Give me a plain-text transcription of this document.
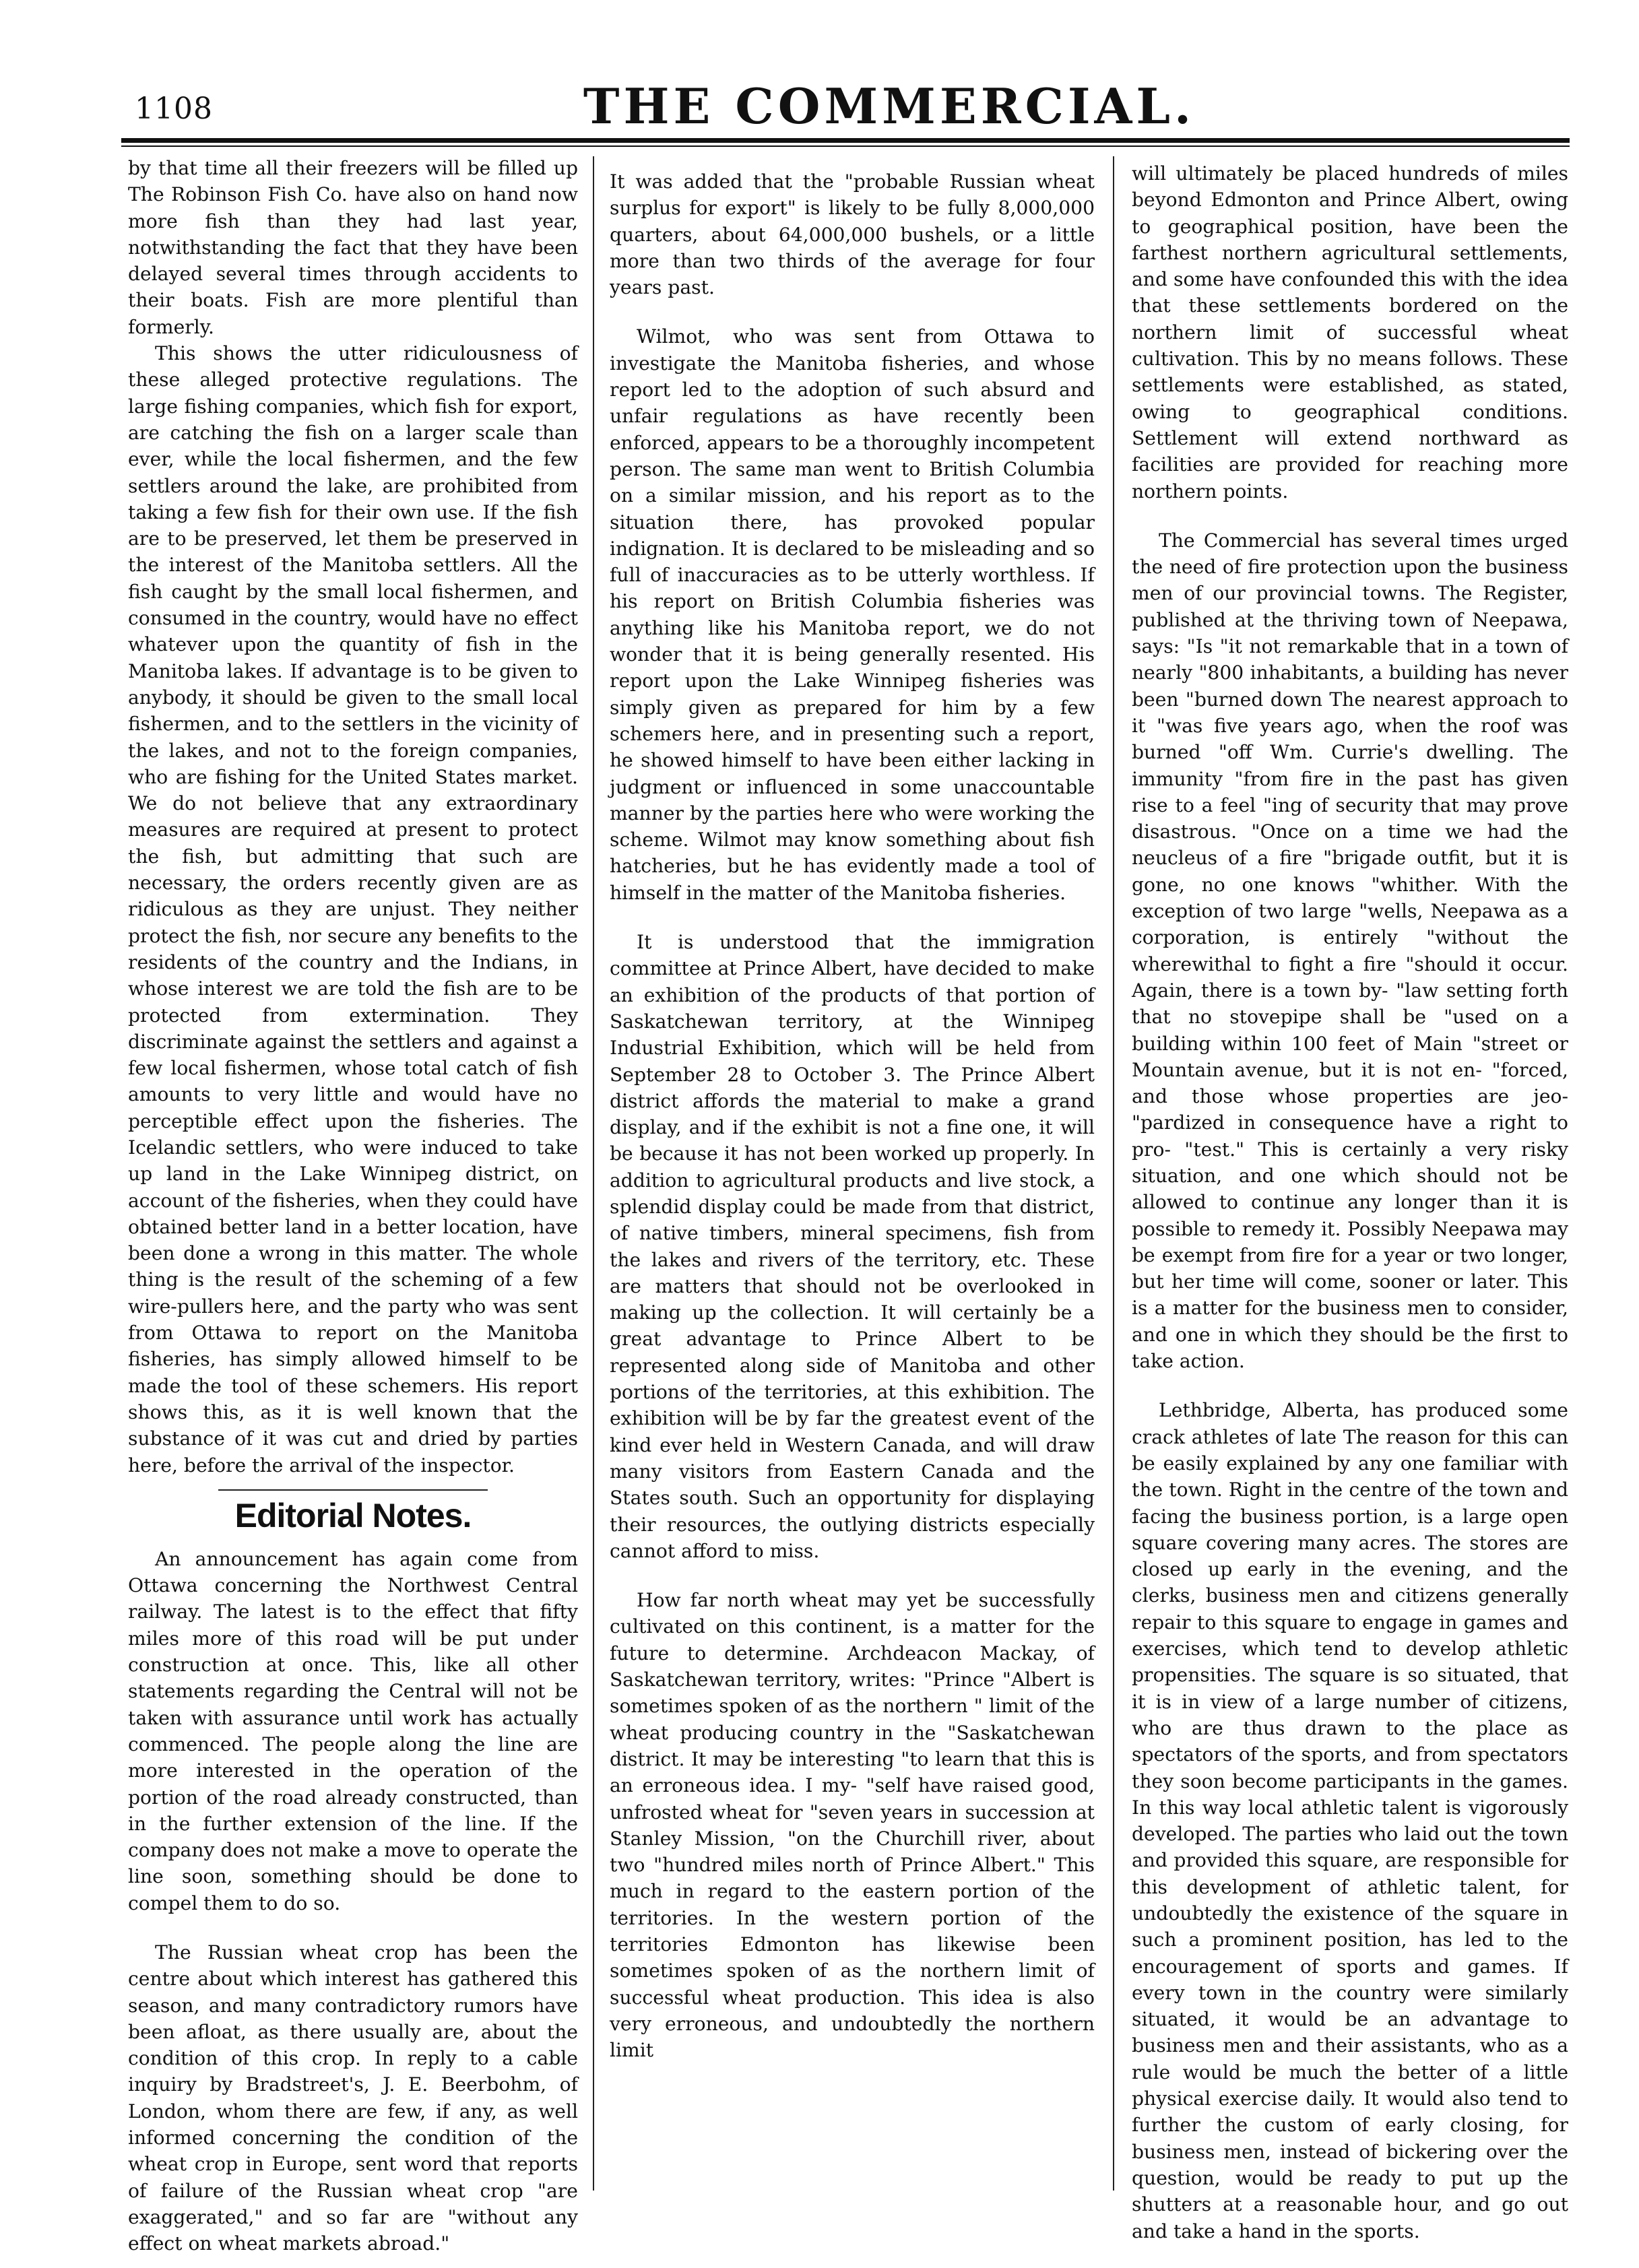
1108	THE COMMERCIAL.

by that time all their freezers will be filled up The Robinson Fish Co. have also on hand now more fish than they had last year, notwithstanding the fact that they have been delayed several times through accidents to their boats. Fish are more plentiful than formerly.

This shows the utter ridiculousness of these alleged protective regulations. The large fishing companies, which fish for export, are catching the fish on a larger scale than ever, while the local fishermen, and the few settlers around the lake, are prohibited from taking a few fish for their own use. If the fish are to be preserved, let them be preserved in the interest of the Manitoba settlers. All the fish caught by the small local fishermen, and consumed in the country, would have no effect whatever upon the quantity of fish in the Manitoba lakes. If advantage is to be given to anybody, it should be given to the small local fishermen, and to the settlers in the vicinity of the lakes, and not to the foreign companies, who are fishing for the United States market. We do not believe that any extraordinary measures are required at present to protect the fish, but admitting that such are necessary, the orders recently given are as ridiculous as they are unjust. They neither protect the fish, nor secure any benefits to the residents of the country and the Indians, in whose interest we are told the fish are to be protected from extermination. They discriminate against the settlers and against a few local fishermen, whose total catch of fish amounts to very little and would have no perceptible effect upon the fisheries. The Icelandic settlers, who were induced to take up land in the Lake Winnipeg district, on account of the fisheries, when they could have obtained better land in a better location, have been done a wrong in this matter. The whole thing is the result of the scheming of a few wire-pullers here, and the party who was sent from Ottawa to report on the Manitoba fisheries, has simply allowed himself to be made the tool of these schemers. His report shows this, as it is well known that the substance of it was cut and dried by parties here, before the arrival of the inspector.

Editorial Notes.

An announcement has again come from Ottawa concerning the Northwest Central railway. The latest is to the effect that fifty miles more of this road will be put under construction at once. This, like all other statements regarding the Central will not be taken with assurance until work has actually commenced. The people along the line are more interested in the operation of the portion of the road already constructed, than in the further extension of the line. If the company does not make a move to operate the line soon, something should be done to compel them to do so.

The Russian wheat crop has been the centre about which interest has gathered this season, and many contradictory rumors have been afloat, as there usually are, about the condition of this crop. In reply to a cable inquiry by Bradstreet's, J. E. Beerbohm, of London, whom there are few, if any, as well informed concerning the condition of the wheat crop in Europe, sent word that reports of failure of the Russian wheat crop "are exaggerated," and so far are "without any effect on wheat markets abroad."

It was added that the "probable Russian wheat surplus for export" is likely to be fully 8,000,000 quarters, about 64,000,000 bushels, or a little more than two thirds of the average for four years past.

Wilmot, who was sent from Ottawa to investigate the Manitoba fisheries, and whose report led to the adoption of such absurd and unfair regulations as have recently been enforced, appears to be a thoroughly incompetent person. The same man went to British Columbia on a similar mission, and his report as to the situation there, has provoked popular indignation. It is declared to be misleading and so full of inaccuracies as to be utterly worthless. If his report on British Columbia fisheries was anything like his Manitoba report, we do not wonder that it is being generally resented. His report upon the Lake Winnipeg fisheries was simply given as prepared for him by a few schemers here, and in presenting such a report, he showed himself to have been either lacking in judgment or influenced in some unaccountable manner by the parties here who were working the scheme. Wilmot may know something about fish hatcheries, but he has evidently made a tool of himself in the matter of the Manitoba fisheries.

It is understood that the immigration committee at Prince Albert, have decided to make an exhibition of the products of that portion of Saskatchewan territory, at the Winnipeg Industrial Exhibition, which will be held from September 28 to October 3. The Prince Albert district affords the material to make a grand display, and if the exhibit is not a fine one, it will be because it has not been worked up properly. In addition to agricultural products and live stock, a splendid display could be made from that district, of native timbers, mineral specimens, fish from the lakes and rivers of the territory, etc. These are matters that should not be overlooked in making up the collection. It will certainly be a great advantage to Prince Albert to be represented along side of Manitoba and other portions of the territories, at this exhibition. The exhibition will be by far the greatest event of the kind ever held in Western Canada, and will draw many visitors from Eastern Canada and the States south. Such an opportunity for displaying their resources, the outlying districts especially cannot afford to miss.

How far north wheat may yet be successfully cultivated on this continent, is a matter for the future to determine. Archdeacon Mackay, of Saskatchewan territory, writes: "Prince "Albert is sometimes spoken of as the northern " limit of the wheat producing country in the "Saskatchewan district. It may be interesting "to learn that this is an erroneous idea. I my- "self have raised good, unfrosted wheat for "seven years in succession at Stanley Mission, "on the Churchill river, about two "hundred miles north of Prince Albert." This much in regard to the eastern portion of the territories. In the western portion of the territories Edmonton has likewise been sometimes spoken of as the northern limit of successful wheat production. This idea is also very erroneous, and undoubtedly the northern limit

will ultimately be placed hundreds of miles beyond Edmonton and Prince Albert, owing to geographical position, have been the farthest northern agricultural settlements, and some have confounded this with the idea that these settlements bordered on the northern limit of successful wheat cultivation. This by no means follows. These settlements were established, as stated, owing to geographical conditions. Settlement will extend northward as facilities are provided for reaching more northern points.

The Commercial has several times urged the need of fire protection upon the business men of our provincial towns. The Register, published at the thriving town of Neepawa, says: "Is "it not remarkable that in a town of nearly "800 inhabitants, a building has never been "burned down The nearest approach to it "was five years ago, when the roof was burned "off Wm. Currie's dwelling. The immunity "from fire in the past has given rise to a feel "ing of security that may prove disastrous. "Once on a time we had the neucleus of a fire "brigade outfit, but it is gone, no one knows "whither. With the exception of two large "wells, Neepawa as a corporation, is entirely "without the wherewithal to fight a fire "should it occur. Again, there is a town by- "law setting forth that no stovepipe shall be "used on a building within 100 feet of Main "street or Mountain avenue, but it is not en- "forced, and those whose properties are jeo- "pardized in consequence have a right to pro- "test." This is certainly a very risky situation, and one which should not be allowed to continue any longer than it is possible to remedy it. Possibly Neepawa may be exempt from fire for a year or two longer, but her time will come, sooner or later. This is a matter for the business men to consider, and one in which they should be the first to take action.

Lethbridge, Alberta, has produced some crack athletes of late The reason for this can be easily explained by any one familiar with the town. Right in the centre of the town and facing the business portion, is a large open square covering many acres. The stores are closed up early in the evening, and the clerks, business men and citizens generally repair to this square to engage in games and exercises, which tend to develop athletic propensities. The square is so situated, that it is in view of a large number of citizens, who are thus drawn to the place as spectators of the sports, and from spectators they soon become participants in the games. In this way local athletic talent is vigorously developed. The parties who laid out the town and provided this square, are responsible for this development of athletic talent, for undoubtedly the existence of the square in such a prominent position, has led to the encouragement of sports and games. If every town in the country were similarly situated, it would be an advantage to business men and their assistants, who as a rule would be much the better of a little physical exercise daily. It would also tend to further the custom of early closing, for business men, instead of bickering over the question, would be ready to put up the shutters at a reasonable hour, and go out and take a hand in the sports.
